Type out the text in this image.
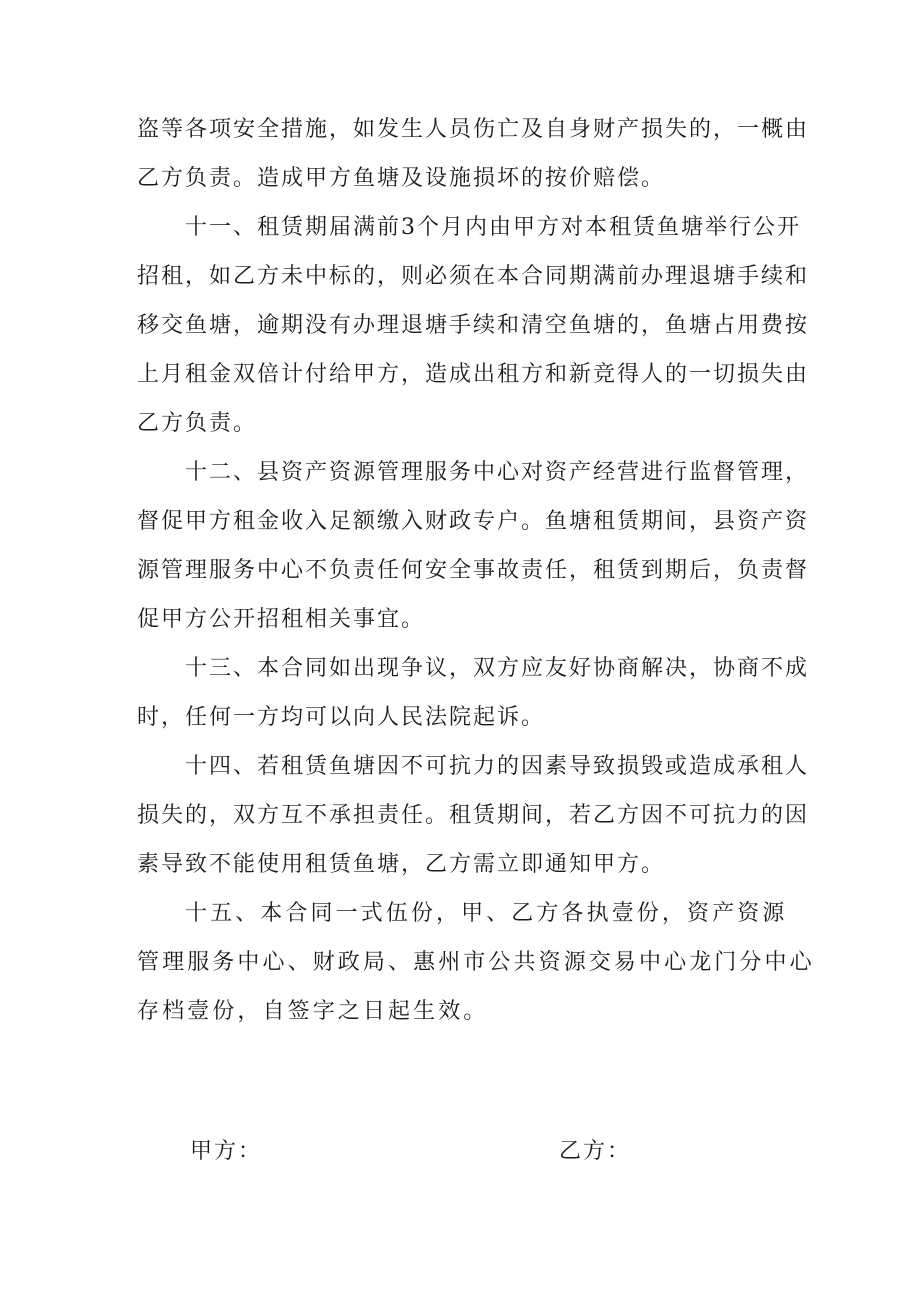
盗等各项安全措施，如发生人员伤亡及自身财产损失的，一概由
乙方负责。造成甲方鱼塘及设施损坏的按价赔偿。
十一、租赁期届满前3个月内由甲方对本租赁鱼塘举行公开
招租，如乙方未中标的，则必须在本合同期满前办理退塘手续和
移交鱼塘，逾期没有办理退塘手续和清空鱼塘的，鱼塘占用费按
上月租金双倍计付给甲方，造成出租方和新竞得人的一切损失由
乙方负责。
十二、县资产资源管理服务中心对资产经营进行监督管理，
督促甲方租金收入足额缴入财政专户。鱼塘租赁期间，县资产资
源管理服务中心不负责任何安全事故责任，租赁到期后，负责督
促甲方公开招租相关事宜。
十三、本合同如出现争议，双方应友好协商解决，协商不成
时，任何一方均可以向人民法院起诉。
十四、若租赁鱼塘因不可抗力的因素导致损毁或造成承租人
损失的，双方互不承担责任。租赁期间，若乙方因不可抗力的因
素导致不能使用租赁鱼塘，乙方需立即通知甲方。
十五、本合同一式伍份，甲、乙方各执壹份，资产资源
管理服务中心、财政局、惠州市公共资源交易中心龙门分中心
存档壹份，自签字之日起生效。
甲方：	乙方：
